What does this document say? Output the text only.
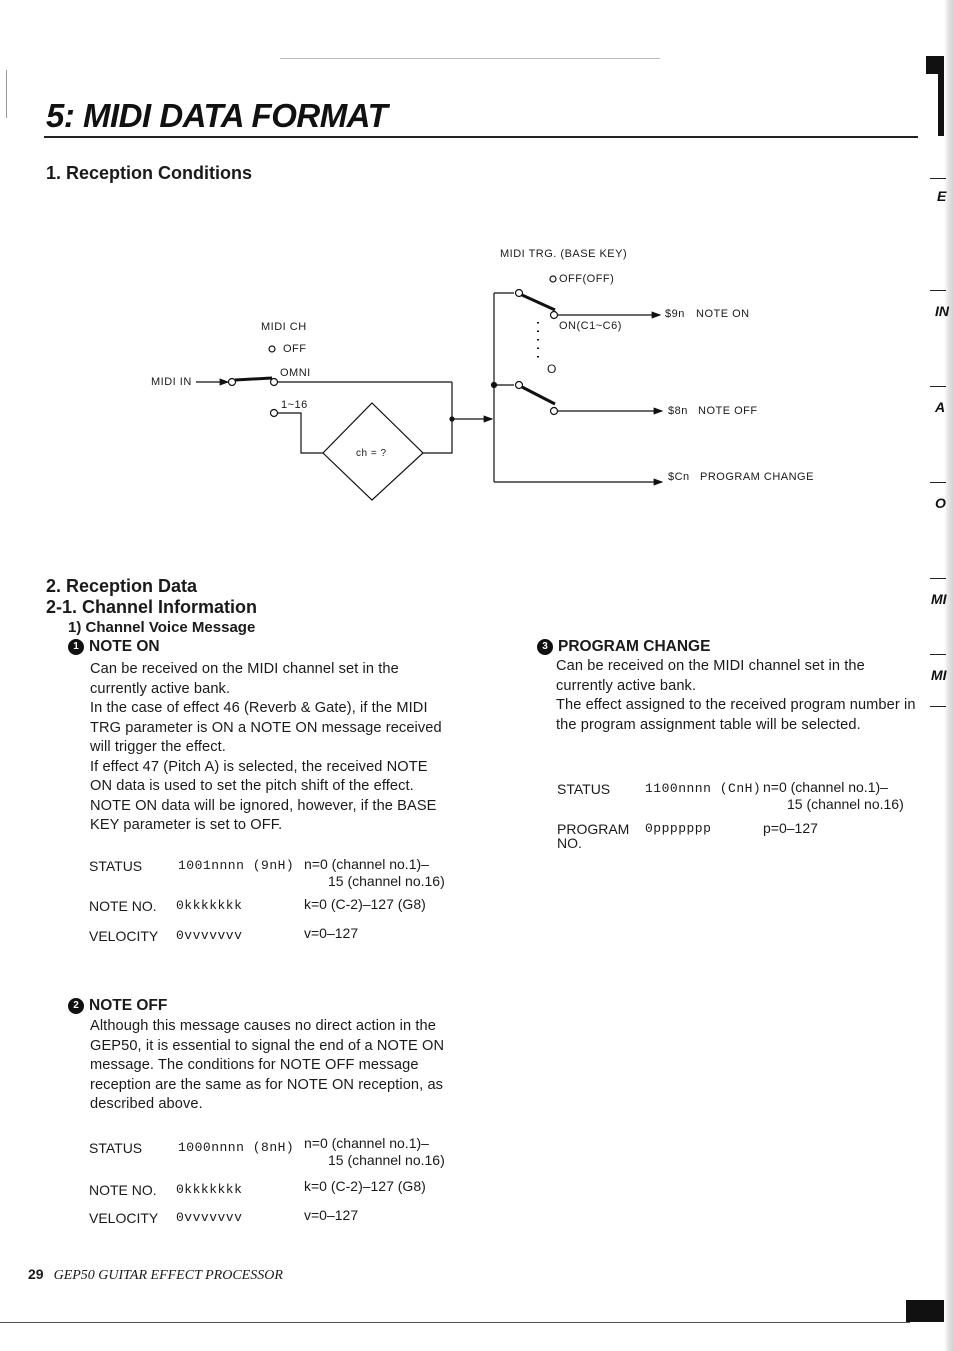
E
IN
A
O
MI
MI
5: MIDI DATA FORMAT
1. Reception Conditions
MIDI TRG. (BASE KEY)
OFF(OFF)
MIDI CH
OFF
OMNI
1~16
MIDI IN
ch = ?
ON(C1~C6)
O
$9n NOTE ON
$8n NOTE OFF
$Cn PROGRAM CHANGE
2. Reception Data
2-1. Channel Information
1) Channel Voice Message
1 NOTE ON

Can be received on the MIDI channel set in the currently active bank.

In the case of effect 46 (Reverb & Gate), if the MIDI TRG parameter is ON a NOTE ON message received will trigger the effect.

If effect 47 (Pitch A) is selected, the received NOTE ON data is used to set the pitch shift of the effect. NOTE ON data will be ignored, however, if the BASE KEY parameter is set to OFF.

STATUS	1001nnnn (9nH) n=0 (channel no.1)–
15 (channel no.16)
NOTE NO. 0kkkkkkk	k=0 (C-2)–127 (G8)
VELOCITY 0vvvvvvv	v=0–127
2 NOTE OFF

Although this message causes no direct action in the GEP50, it is essential to signal the end of a NOTE ON message. The conditions for NOTE OFF message reception are the same as for NOTE ON reception, as described above.

STATUS	1000nnnn (8nH) n=0 (channel no.1)–
15 (channel no.16)
NOTE NO. 0kkkkkkk	k=0 (C-2)–127 (G8)
VELOCITY 0vvvvvvv	v=0–127
3 PROGRAM CHANGE

Can be received on the MIDI channel set in the currently active bank.

The effect assigned to the received program number in the program assignment table will be selected.

STATUS	1100nnnn (CnH) n=0 (channel no.1)–
15 (channel no.16)
PROGRAM
NO.
0ppppppp	p=0–127
29 GEP50 GUITAR EFFECT PROCESSOR
